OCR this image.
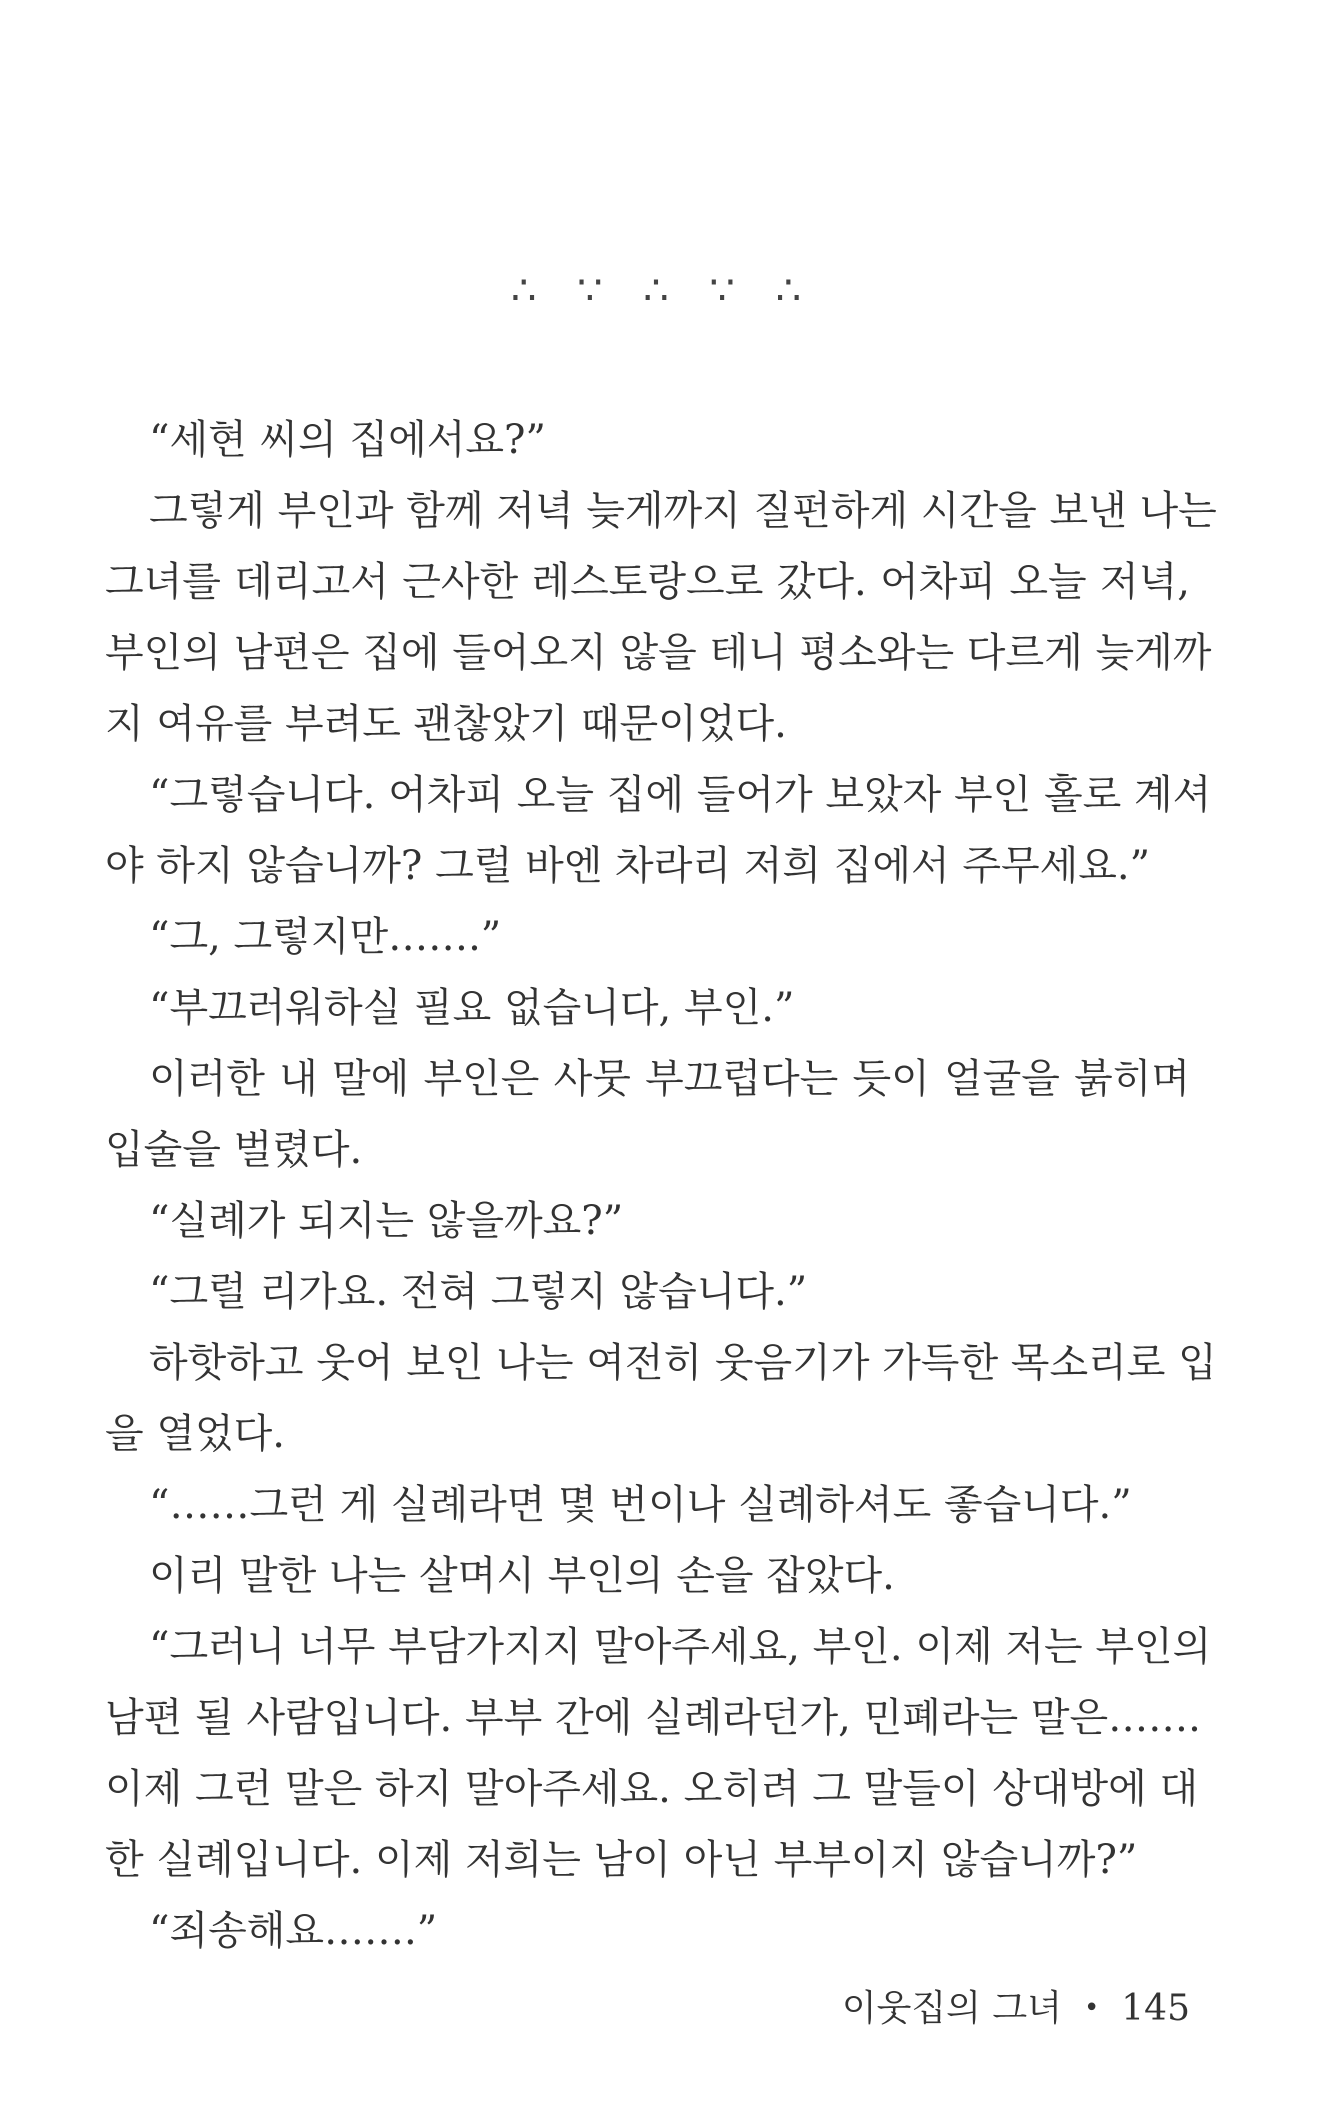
∴ ∵ ∴ ∵ ∴
“세현 씨의 집에서요?”
그렇게 부인과 함께 저녁 늦게까지 질펀하게 시간을 보낸 나는
그녀를 데리고서 근사한 레스토랑으로 갔다. 어차피 오늘 저녁,
부인의 남편은 집에 들어오지 않을 테니 평소와는 다르게 늦게까
지 여유를 부려도 괜찮았기 때문이었다.
“그렇습니다. 어차피 오늘 집에 들어가 보았자 부인 홀로 계셔
야 하지 않습니까? 그럴 바엔 차라리 저희 집에서 주무세요.”
“그, 그렇지만…….”
“부끄러워하실 필요 없습니다, 부인.”
이러한 내 말에 부인은 사뭇 부끄럽다는 듯이 얼굴을 붉히며
입술을 벌렸다.
“실례가 되지는 않을까요?”
“그럴 리가요. 전혀 그렇지 않습니다.”
하핫하고 웃어 보인 나는 여전히 웃음기가 가득한 목소리로 입
을 열었다.
“……그런 게 실례라면 몇 번이나 실례하셔도 좋습니다.”
이리 말한 나는 살며시 부인의 손을 잡았다.
“그러니 너무 부담가지지 말아주세요, 부인. 이제 저는 부인의
남편 될 사람입니다. 부부 간에 실례라던가, 민폐라는 말은…….
이제 그런 말은 하지 말아주세요. 오히려 그 말들이 상대방에 대
한 실례입니다. 이제 저희는 남이 아닌 부부이지 않습니까?”
“죄송해요…….”
이웃집의 그녀 • 145
